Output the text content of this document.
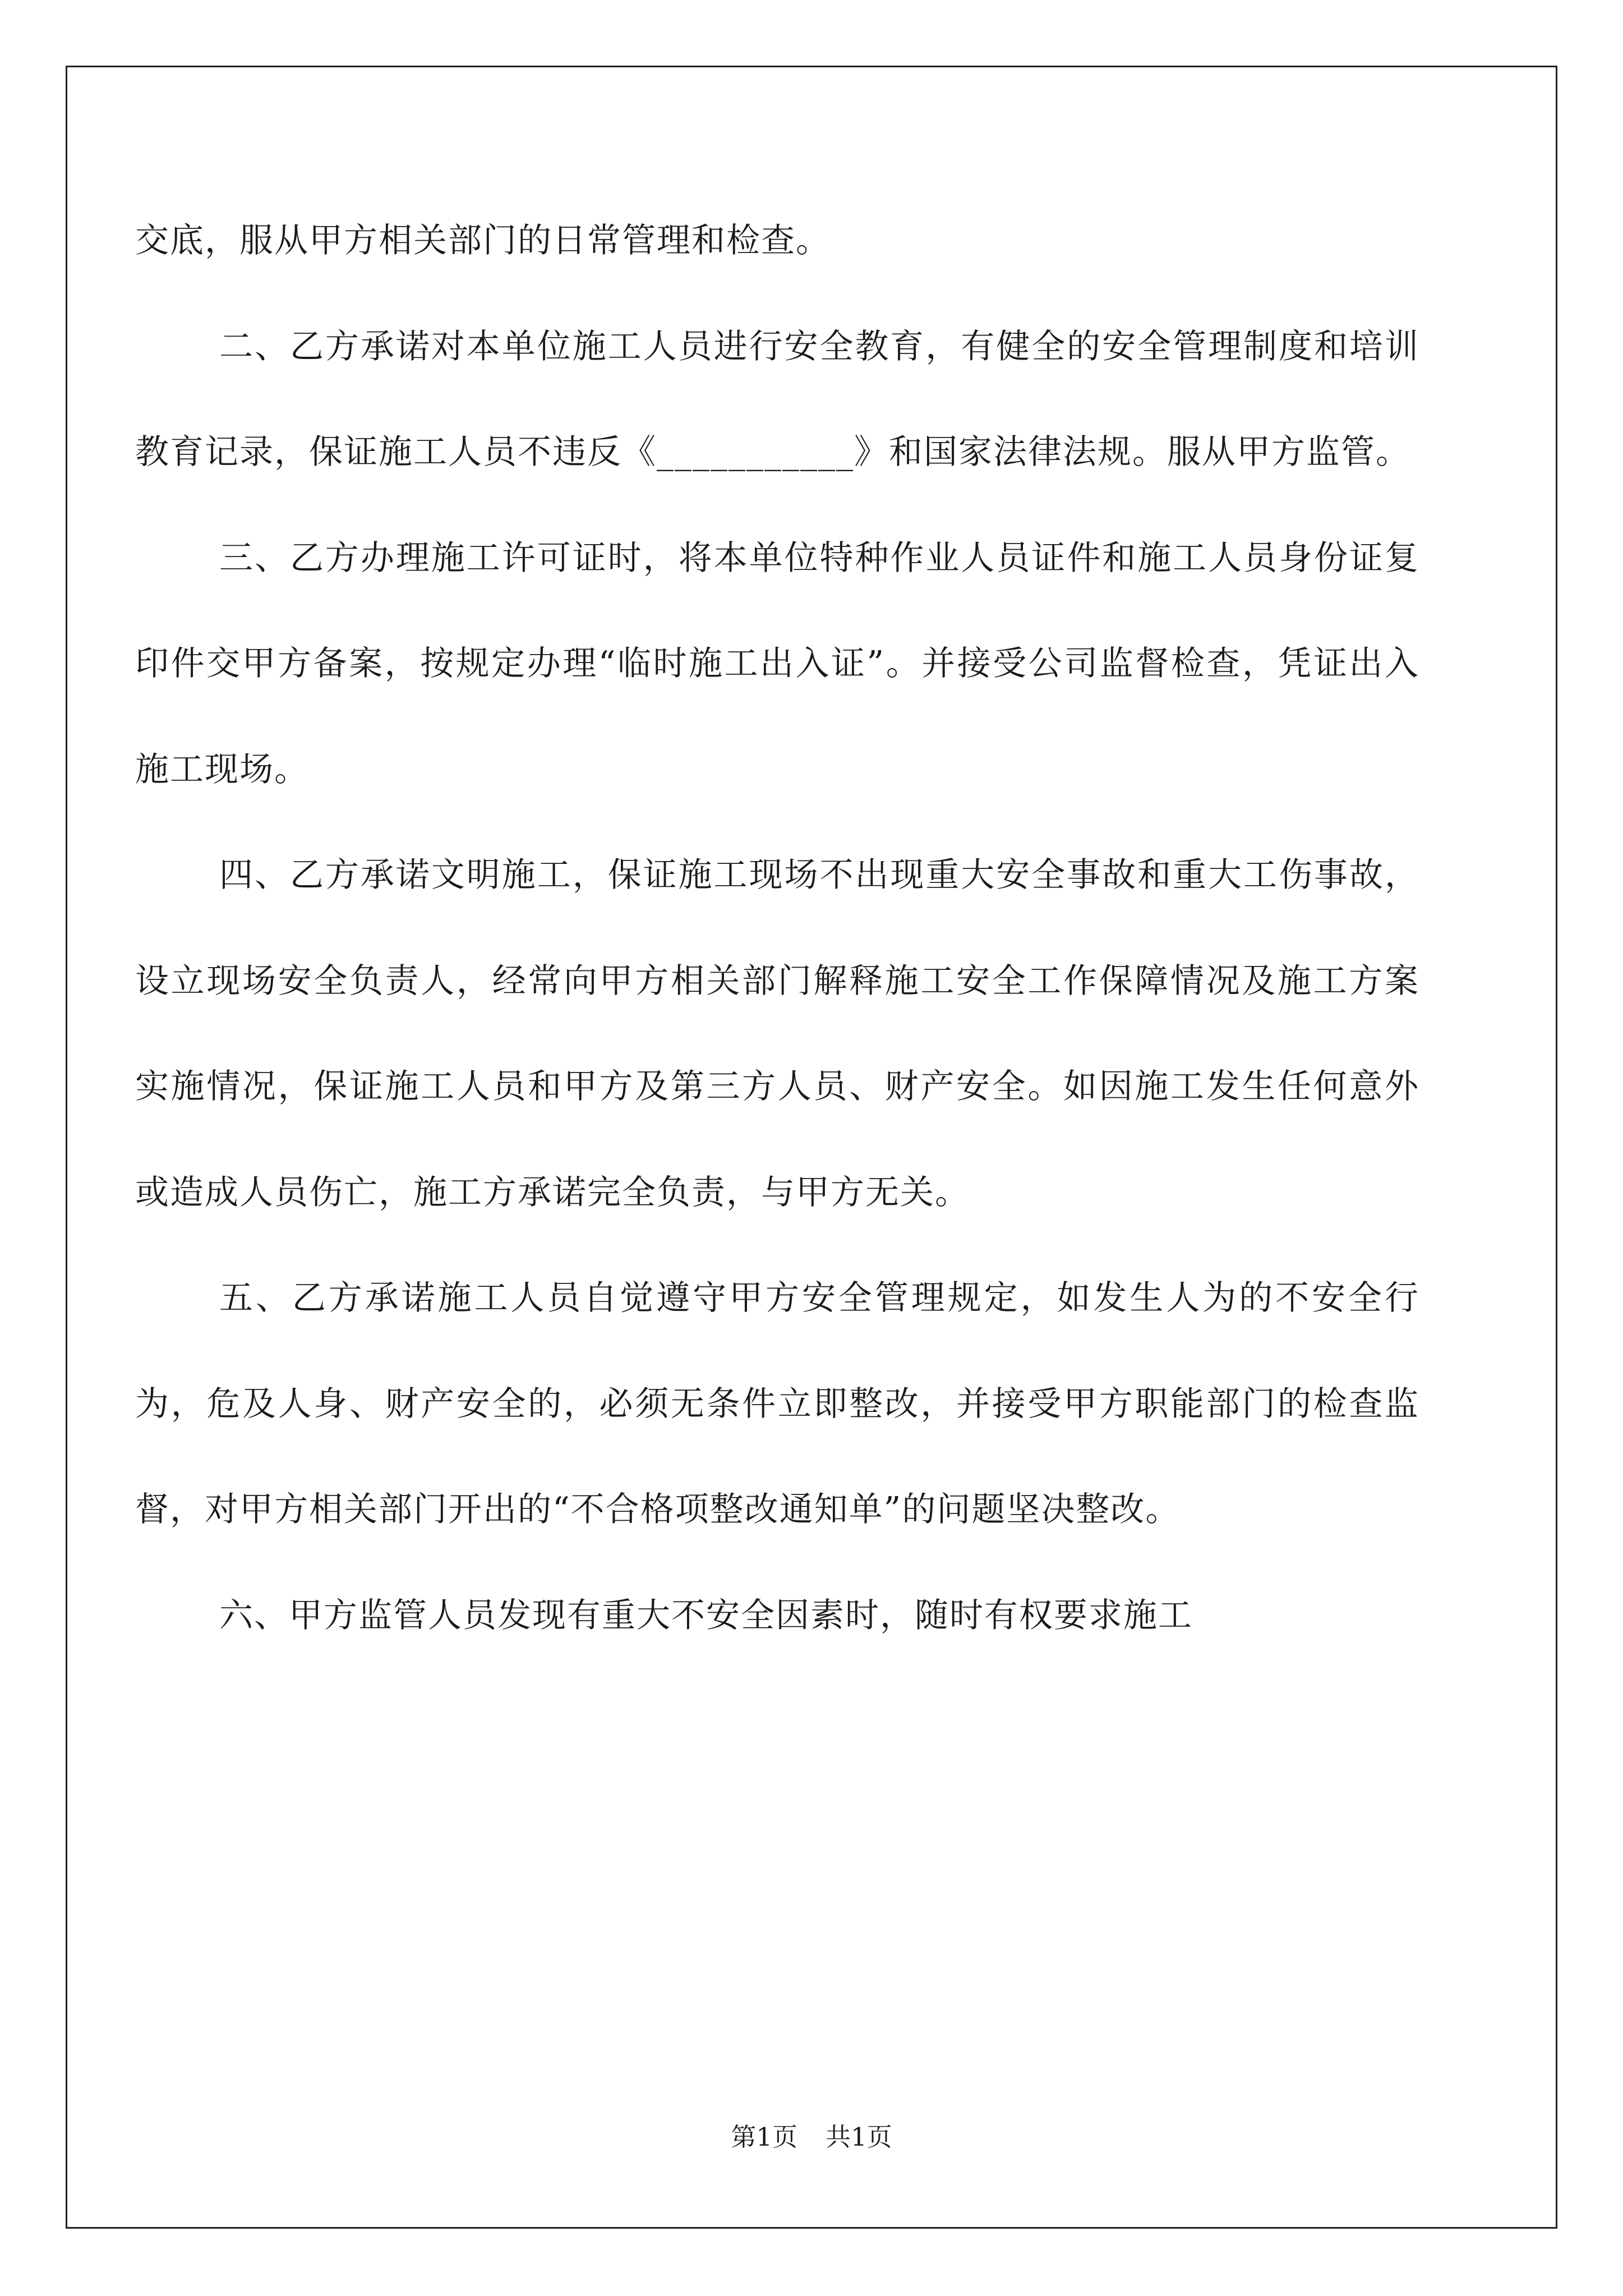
交底，服从甲方相关部门的日常管理和检查。

二、乙方承诺对本单位施工人员进行安全教育，有健全的安全管理制度和培训教育记录，保证施工人员不违反《___________》和国家法律法规。服从甲方监管。

三、乙方办理施工许可证时，将本单位特种作业人员证件和施工人员身份证复印件交甲方备案，按规定办理“临时施工出入证”。并接受公司监督检查，凭证出入施工现场。

四、乙方承诺文明施工，保证施工现场不出现重大安全事故和重大工伤事故，设立现场安全负责人，经常向甲方相关部门解释施工安全工作保障情况及施工方案实施情况，保证施工人员和甲方及第三方人员、财产安全。如因施工发生任何意外或造成人员伤亡，施工方承诺完全负责，与甲方无关。

五、乙方承诺施工人员自觉遵守甲方安全管理规定，如发生人为的不安全行为，危及人身、财产安全的，必须无条件立即整改，并接受甲方职能部门的检查监督，对甲方相关部门开出的“不合格项整改通知单”的问题坚决整改。

六、甲方监管人员发现有重大不安全因素时，随时有权要求施工

第1页 共1页
